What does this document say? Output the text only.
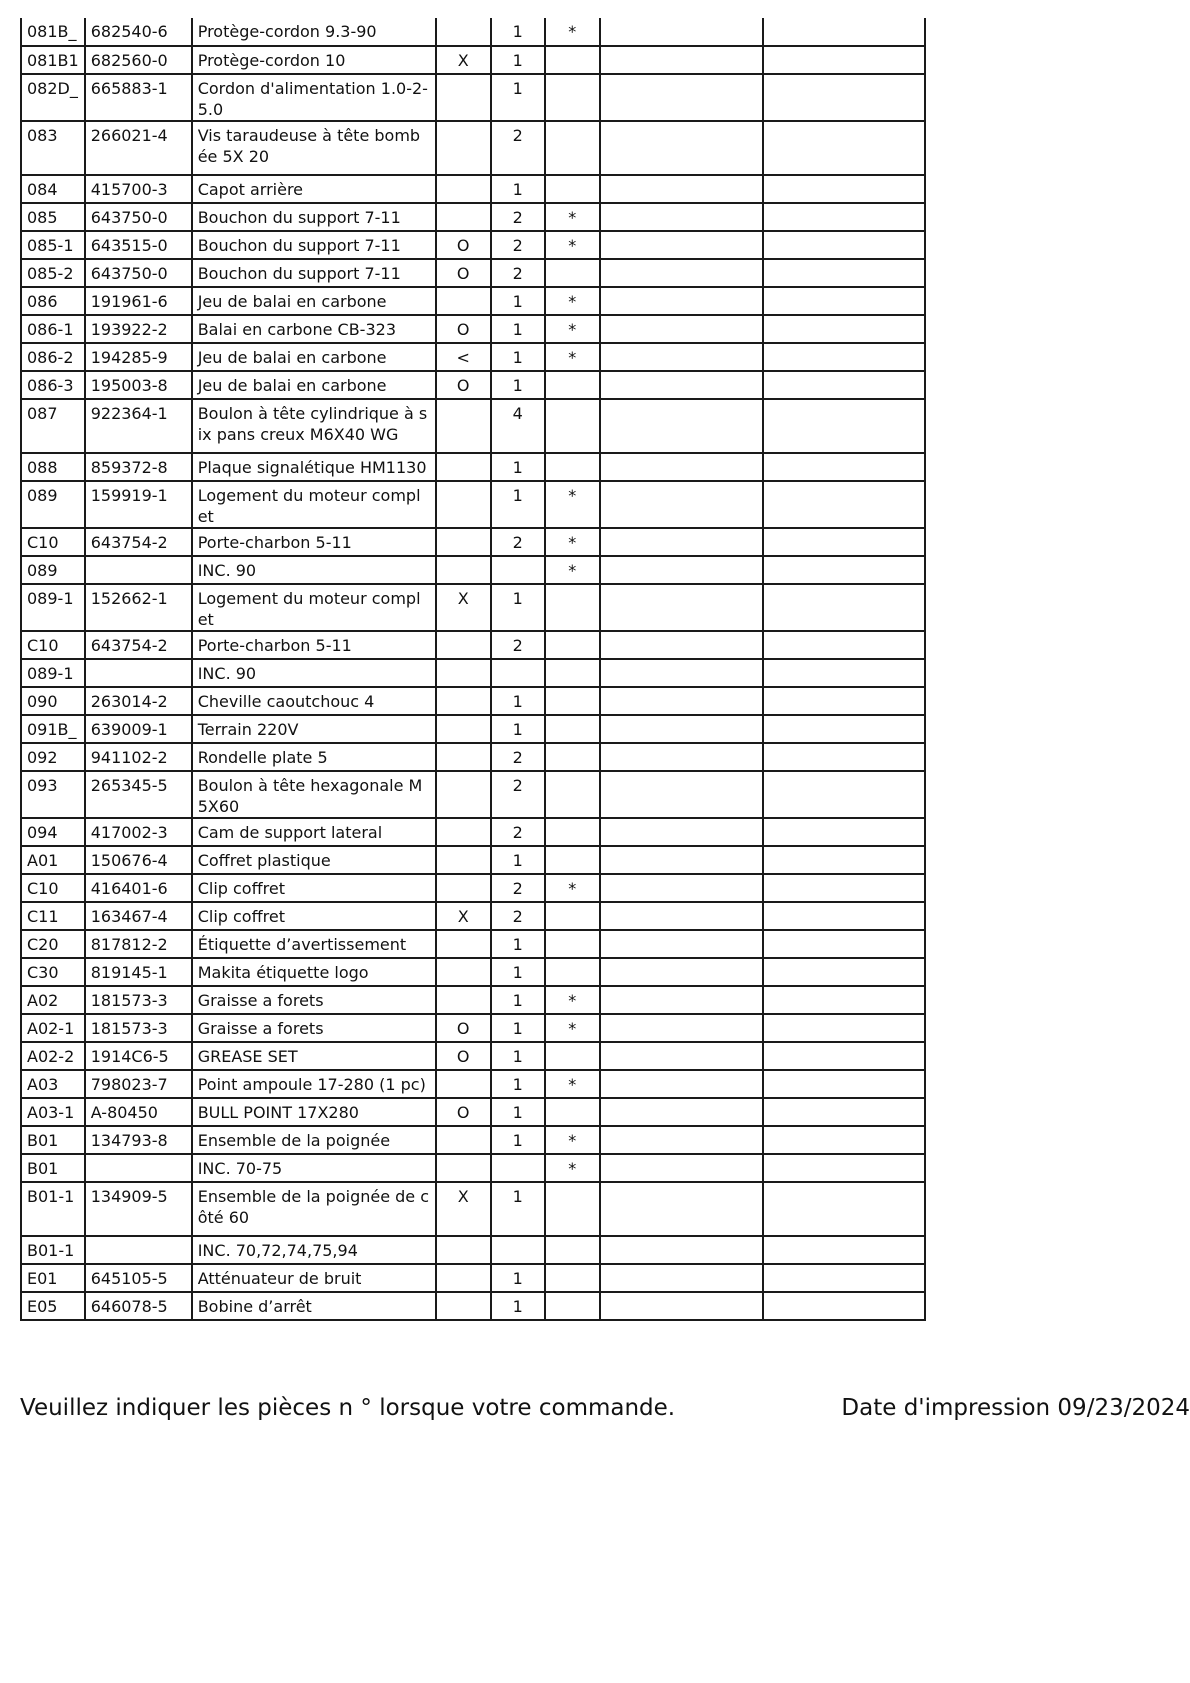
081B_	682540-6	Protège-cordon 9.3-90		1	*		
081B1	682560-0	Protège-cordon 10	X	1			
082D_	665883-1	Cordon d'alimentation 1.0-2-5.0		1			
083	266021-4	Vis taraudeuse à tête bombée 5X 20		2			
084	415700-3	Capot arrière		1			
085	643750-0	Bouchon du support 7-11		2	*		
085-1	643515-0	Bouchon du support 7-11	O	2	*		
085-2	643750-0	Bouchon du support 7-11	O	2			
086	191961-6	Jeu de balai en carbone		1	*		
086-1	193922-2	Balai en carbone CB-323	O	1	*		
086-2	194285-9	Jeu de balai en carbone	<	1	*		
086-3	195003-8	Jeu de balai en carbone	O	1			
087	922364-1	Boulon à tête cylindrique à six pans creux M6X40 WG		4			
088	859372-8	Plaque signalétique HM1130		1			
089	159919-1	Logement du moteur complet		1	*		
C10	643754-2	Porte-charbon 5-11		2	*		
089		INC. 90			*		
089-1	152662-1	Logement du moteur complet	X	1			
C10	643754-2	Porte-charbon 5-11		2			
089-1		INC. 90					
090	263014-2	Cheville caoutchouc 4		1			
091B_	639009-1	Terrain 220V		1			
092	941102-2	Rondelle plate 5		2			
093	265345-5	Boulon à tête hexagonale M5X60		2			
094	417002-3	Cam de support lateral		2			
A01	150676-4	Coffret plastique		1			
C10	416401-6	Clip coffret		2	*		
C11	163467-4	Clip coffret	X	2			
C20	817812-2	Étiquette d’avertissement		1			
C30	819145-1	Makita étiquette logo		1			
A02	181573-3	Graisse a forets		1	*		
A02-1	181573-3	Graisse a forets	O	1	*		
A02-2	1914C6-5	GREASE SET	O	1			
A03	798023-7	Point ampoule 17-280 (1 pc)		1	*		
A03-1	A-80450	BULL POINT 17X280	O	1			
B01	134793-8	Ensemble de la poignée		1	*		
B01		INC. 70-75			*		
B01-1	134909-5	Ensemble de la poignée de côté 60	X	1			
B01-1		INC. 70,72,74,75,94					
E01	645105-5	Atténuateur de bruit		1			
E05	646078-5	Bobine d’arrêt		1			
Veuillez indiquer les pièces n ° lorsque votre commande.	Date d'impression 09/23/2024
